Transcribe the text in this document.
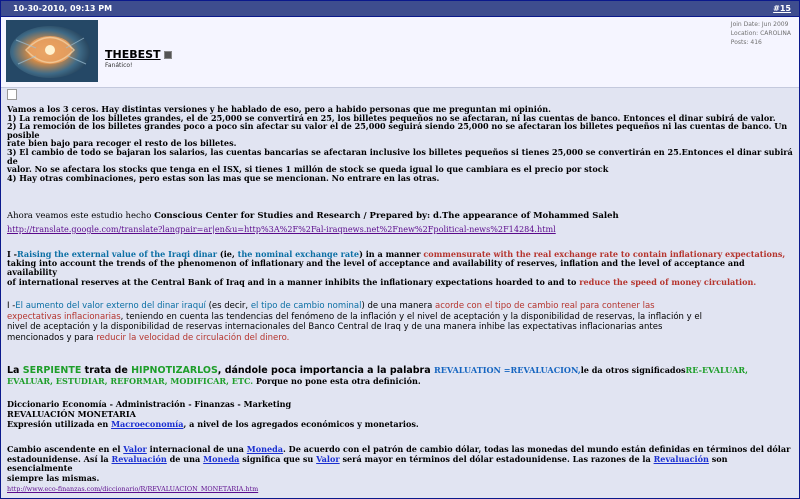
10-30-2010, 09:13 PM	#15
THEBEST
Fanático!
Join Date: Jun 2009
Location: CAROLINA
Posts: 416
Vamos a los 3 ceros. Hay distintas versiones y he hablado de eso, pero a habido personas que me preguntan mi opinión.
1) La remoción de los billetes grandes, el de 25,000 se convertirá en 25, los billetes pequeños no se afectaran, ni las cuentas de banco. Entonces el dinar subirá de valor.
2) La remoción de los billetes grandes poco a poco sin afectar su valor el de 25,000 seguirá siendo 25,000 no se afectaran los billetes pequeños ni las cuentas de banco. Un posible
rate bien bajo para recoger el resto de los billetes.
3) El cambio de todo se bajaran los salarios, las cuentas bancarias se afectaran inclusive los billetes pequeños si tienes 25,000 se convertirán en 25.Entonces el dinar subirá de
valor. No se afectara los stocks que tenga en el ISX, si tienes 1 millón de stock se queda igual lo que cambiara es el precio por stock
4) Hay otras combinaciones, pero estas son las mas que se mencionan. No entrare en las otras.
Ahora veamos este estudio hecho Conscious Center for Studies and Research / Prepared by: d.The appearance of Mohammed Saleh
http://translate.google.com/translate?langpair=ar|en&u=http%3A%2F%2Fal-iraqnews.net%2Fnew%2Fpolitical-news%2F14284.html
I -Raising the external value of the Iraqi dinar (ie, the nominal exchange rate) in a manner commensurate with the real exchange rate to contain inflationary expectations,
taking into account the trends of the phenomenon of inflationary and the level of acceptance and availability of reserves, inflation and the level of acceptance and availability
of international reserves at the Central Bank of Iraq and in a manner inhibits the inflationary expectations hoarded to and to reduce the speed of money circulation.
I -El aumento del valor externo del dinar iraquí (es decir, el tipo de cambio nominal) de una manera acorde con el tipo de cambio real para contener las
expectativas inflacionarias, teniendo en cuenta las tendencias del fenómeno de la inflación y el nivel de aceptación y la disponibilidad de reservas, la inflación y el
nivel de aceptación y la disponibilidad de reservas internacionales del Banco Central de Iraq y de una manera inhibe las expectativas inflacionarias antes
mencionados y para reducir la velocidad de circulación del dinero.
La SERPIENTE trata de HIPNOTIZARLOS, dándole poca importancia a la palabra REVALUATION =REVALUACION,le da otros significadosRE-EVALUAR,
EVALUAR, ESTUDIAR, REFORMAR, MODIFICAR, ETC. Porque no pone esta otra definición.
Diccionario Economía - Administración - Finanzas - Marketing
REVALUACIÓN MONETARIA
Expresión utilizada en Macroeconomía, a nivel de los agregados económicos y monetarios.
Cambio ascendente en el Valor internacional de una Moneda. De acuerdo con el patrón de cambio dólar, todas las monedas del mundo están definidas en términos del dólar
estadounidense. Así la Revaluación de una Moneda significa que su Valor será mayor en términos del dólar estadounidense. Las razones de la Revaluación son esencialmente
siempre las mismas.
http://www.eco-finanzas.com/diccionario/R/REVALUACION_MONETARIA.htm
